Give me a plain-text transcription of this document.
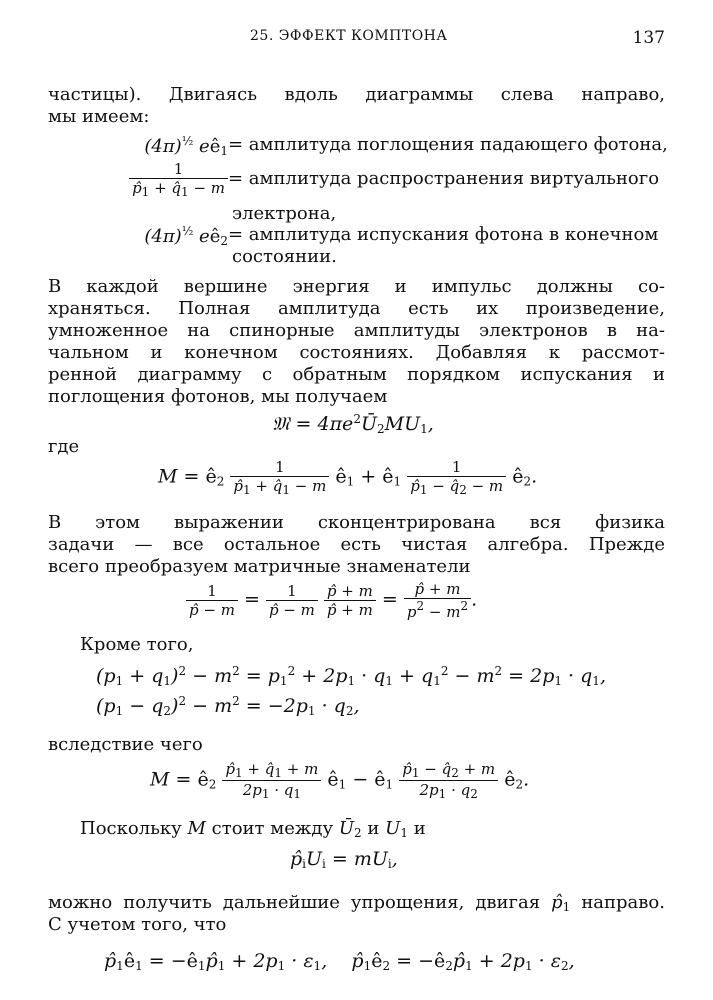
25. ЭФФЕКТ КОМПТОНА	137
частицы). Двигаясь вдоль диаграммы слева направо,
мы имеем:
$(4\pi)^{\frac{1}{2}}$ $eê_1$ = амплитуда поглощения падающего фотона,
$\frac{1}{p̂_1 + q̂_1 - m}$ = амплитуда распространения виртуального
электрона,
$(4\pi)^{\frac{1}{2}}$ $eê_2$ = амплитуда испускания фотона в конечном
состоянии.
В каждой вершине энергия и импульс должны со-
храняться. Полная амплитуда есть их произведение,
умноженное на спинорные амплитуды электронов в на-
чальном и конечном состояниях. Добавляя к рассмот-
ренной диаграмму с обратным порядком испускания и
поглощения фотонов, мы получаем
𝔐 = $4\pi e^2Ū_2MU_1$,
где
$M = ê_2 \frac{1}{p̂_1 + q̂_1 - m}$ $ê_1$ + $ê_1 \frac{1}{p̂_1 - q̂_2 - m}$ $ê_2$.
В этом выражении сконцентрирована вся физика
задачи — все остальное есть чистая алгебра. Прежде
всего преобразуем матричные знаменатели
$\frac{1}{p̂ - m} = \frac{1}{p̂ - m}$
$\frac{p̂ + m}{p̂ + m} = \frac{p̂ + m}{p^2 - m^2}$ .
Кроме того,
$(p_1 + q_1)^2 - m^2 = p_1^2 + 2p_1 \cdot q_1 + q_1^2 - m^2 = 2p_1 \cdot q_1$,
$(p_1 - q_2)^2 - m^2 = -2p_1 \cdot q_2$,
вследствие чего
$M = ê_2 \frac{p̂_1 + q̂_1 + m}{2p_1 \cdot q_1}$ $ê_1$ − $ê_1 \frac{p̂_1 - q̂_2 + m}{2p_1 \cdot q_2}$ $ê_2$.
Поскольку M стоит между $Ū_2$ и $U_1$ и
$p̂_iU_i = mU_i$,
можно получить дальнейшие упрощения, двигая $p̂_1$ направо.
С учетом того, что
$p̂_1ê_1$ = $-ê_1p̂_1 + 2p_1 \cdot \varepsilon_1$,    $p̂_1ê_2$ = $-ê_2p̂_1 + 2p_1 \cdot \varepsilon_2$,
